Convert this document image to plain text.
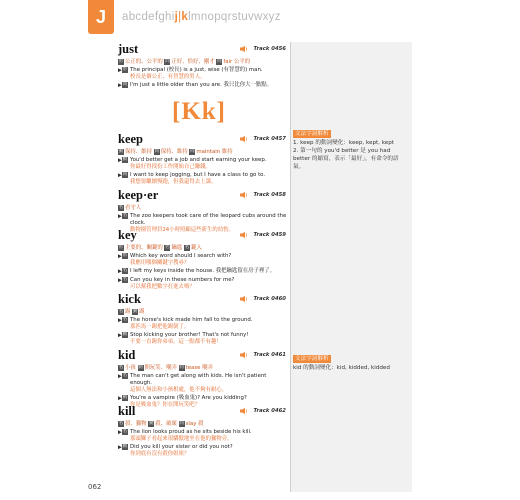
J	abcdefghij|klmnopqrstuvwxyz
文法字詞解析
1. keep 的動詞變化：keep, kept, kept
2. 第一句的 you'd better 是 you had better 的縮寫，表示「最好」，有命令的語氣。
文法字詞解析
kid 的動詞變化：kid, kidded, kidded
[Kk]
just	Track 0456
形 公正的、公平的 同 正好、恰好、剛才 同 fair 公平的
▶形 The principal (校長) is a just, wise (有智慧的) man.
校長是個公正、有智慧的男人。
▶同 I'm just a little older than you are. 我只比你大一點點。
keep	Track 0457
動 保持、維持 同 保持、維持 同 maintain 維持
▶動 You'd better get a job and start earning your keep.
你最好得找份工作開始自己賺錢。
▶同 I want to keep jogging, but I have a class to go to.
我想要繼續慢跑，但我還得去上課。
keep·er	Track 0458
名 看守人
▶名 The zoo keepers took care of the leopard cubs around the clock.
動物園管理員24小時照顧這些新生的幼豹。
key	Track 0459
形 主要的、關鍵的 名 鑰匙 名 鍵入
▶形 Which key word should I search with?
我應用哪個關鍵字搜尋？
▶名 I left my keys inside the house. 我把鑰匙留在房子裡了。
▶名 Can you key in these numbers for me?
可以幫我把數字打進去嗎？
kick	Track 0460
名 踢 動 踢
▶名 The horse's kick made him fall to the ground.
那匹馬一踢把他踢倒了。
▶動 Stop kicking your brother! That's not funny!
不要一直踢你弟弟，這一點都不有趣！
kid	Track 0461
名 小孩 動 開玩笑、嘲弄 同 tease 嘲弄
▶名 The man can't get along with kids. He isn't patient enough.
這個人無法和小孩相處，他不夠有耐心。
▶動 You're a vampire (吸血鬼)? Are you kidding?
你是吸血鬼？你在開玩笑吧？
kill	Track 0462
名 殺、獵物 動 殺、破壞 同 slay 殺
▶名 The lion looks proud as he sits beside his kill.
那頭獅子看起來很驕傲地坐在他的獵物旁。
▶動 Did you kill your sister or did you not?
你到底有沒有殺你姐姐？
062
